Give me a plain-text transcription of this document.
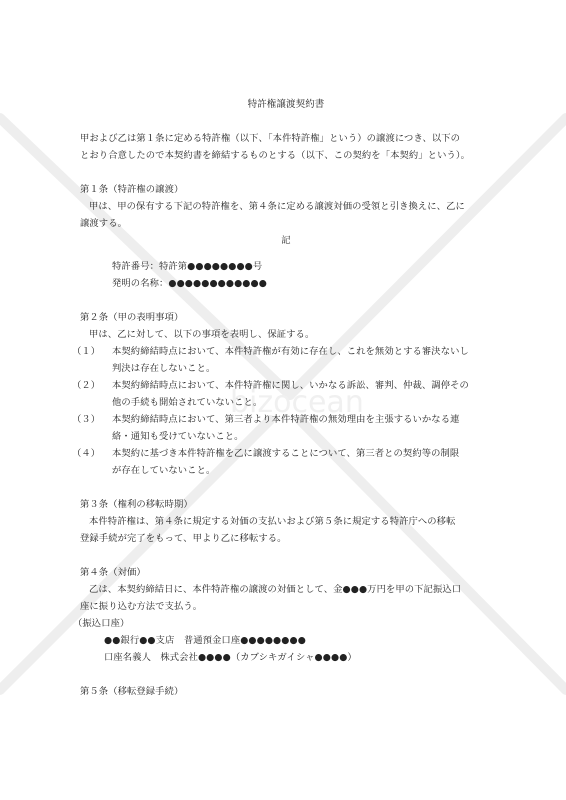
bizocean
特許権譲渡契約書

甲および乙は第１条に定める特許権（以下、「本件特許権」という）の譲渡につき、以下の

とおり合意したので本契約書を締結するものとする（以下、この契約を「本契約」という）。

第１条（特許権の譲渡）

甲は、甲の保有する下記の特許権を、第４条に定める譲渡対価の受領と引き換えに、乙に

譲渡する。

記

特許番号：特許第●●●●●●●●号

発明の名称：●●●●●●●●●●●●

第２条（甲の表明事項）

甲は、乙に対して、以下の事項を表明し、保証する。

（１）	本契約締結時点において、本件特許権が有効に存在し、これを無効とする審決ないし
判決は存在しないこと。
（２）	本契約締結時点において、本件特許権に関し、いかなる訴訟、審判、仲裁、調停その
他の手続も開始されていないこと。
（３）	本契約締結時点において、第三者より本件特許権の無効理由を主張するいかなる連
絡・通知も受けていないこと。
（４）	本契約に基づき本件特許権を乙に譲渡することについて、第三者との契約等の制限
が存在していないこと。

第３条（権利の移転時期）

本件特許権は、第４条に規定する対価の支払いおよび第５条に規定する特許庁への移転

登録手続が完了をもって、甲より乙に移転する。

第４条（対価）

乙は、本契約締結日に、本件特許権の譲渡の対価として、金●●●万円を甲の下記振込口

座に振り込む方法で支払う。

（振込口座）

●●銀行●●支店　普通預金口座●●●●●●●●

口座名義人　株式会社●●●●（カブシキガイシャ●●●●）

第５条（移転登録手続）
